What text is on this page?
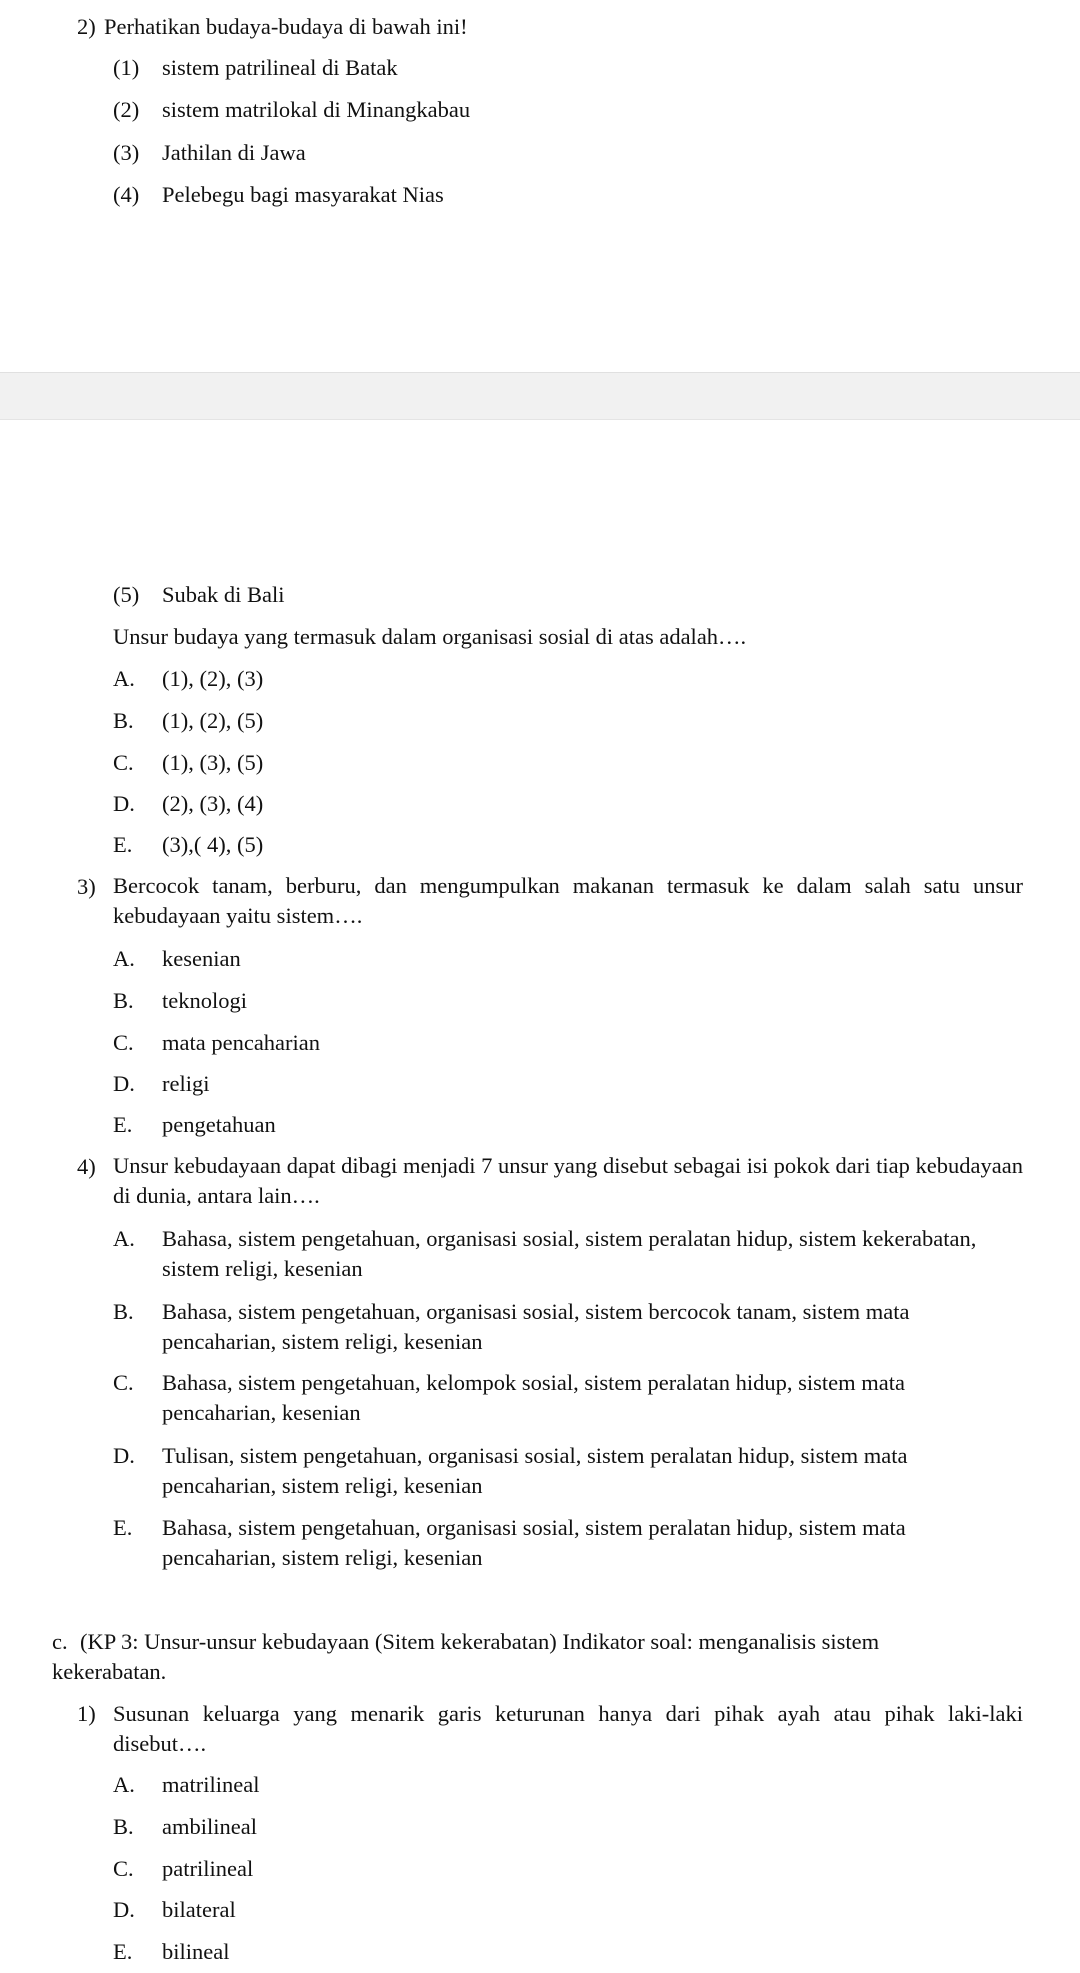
2) Perhatikan budaya-budaya di bawah ini!
(1) sistem patrilineal di Batak
(2) sistem matrilokal di Minangkabau
(3) Jathilan di Jawa
(4) Pelebegu bagi masyarakat Nias
(5) Subak di Bali
Unsur budaya yang termasuk dalam organisasi sosial di atas adalah….
A. (1), (2), (3)
B. (1), (2), (5)
C. (1), (3), (5)
D. (2), (3), (4)
E. (3),( 4), (5)
3) Bercocok tanam, berburu, dan mengumpulkan makanan termasuk ke dalam salah satu unsur kebudayaan yaitu sistem….
A. kesenian
B. teknologi
C. mata pencaharian
D. religi
E. pengetahuan
4) Unsur kebudayaan dapat dibagi menjadi 7 unsur yang disebut sebagai isi pokok dari tiap kebudayaan di dunia, antara lain….
A. Bahasa, sistem pengetahuan, organisasi sosial, sistem peralatan hidup, sistem kekerabatan, sistem religi, kesenian
B. Bahasa, sistem pengetahuan, organisasi sosial, sistem bercocok tanam, sistem mata pencaharian, sistem religi, kesenian
C. Bahasa, sistem pengetahuan, kelompok sosial, sistem peralatan hidup, sistem mata pencaharian, kesenian
D. Tulisan, sistem pengetahuan, organisasi sosial, sistem peralatan hidup, sistem mata pencaharian, sistem religi, kesenian
E. Bahasa, sistem pengetahuan, organisasi sosial, sistem peralatan hidup, sistem mata pencaharian, sistem religi, kesenian
c. (KP 3: Unsur-unsur kebudayaan (Sitem kekerabatan) Indikator soal: menganalisis sistem kekerabatan.
1) Susunan keluarga yang menarik garis keturunan hanya dari pihak ayah atau pihak laki-laki disebut….
A. matrilineal
B. ambilineal
C. patrilineal
D. bilateral
E. bilineal
